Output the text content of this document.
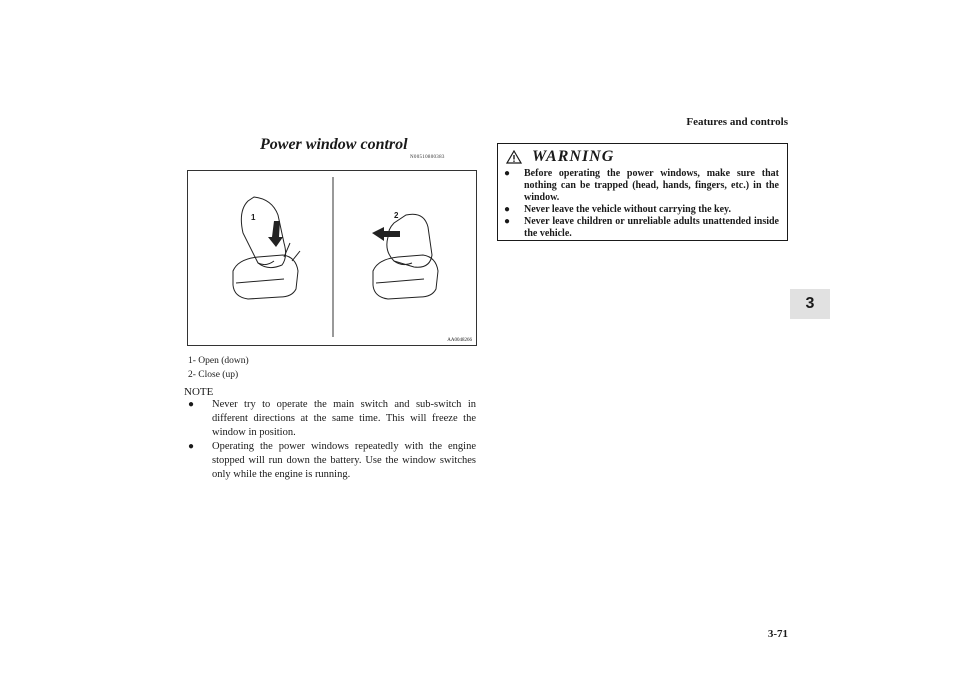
Features and controls
3
Power window control
N00510800383
1	2
AA0048266
1- Open (down)
2- Close (up)
NOTE
● Never try to operate the main switch and sub-switch in different directions at the same time. This will freeze the window in position.
● Operating the power windows repeatedly with the engine stopped will run down the battery. Use the window switches only while the engine is running.
WARNING
● Before operating the power windows, make sure that nothing can be trapped (head, hands, fingers, etc.) in the window.
● Never leave the vehicle without carrying the key.
● Never leave children or unreliable adults unattended inside the vehicle.
3-71
